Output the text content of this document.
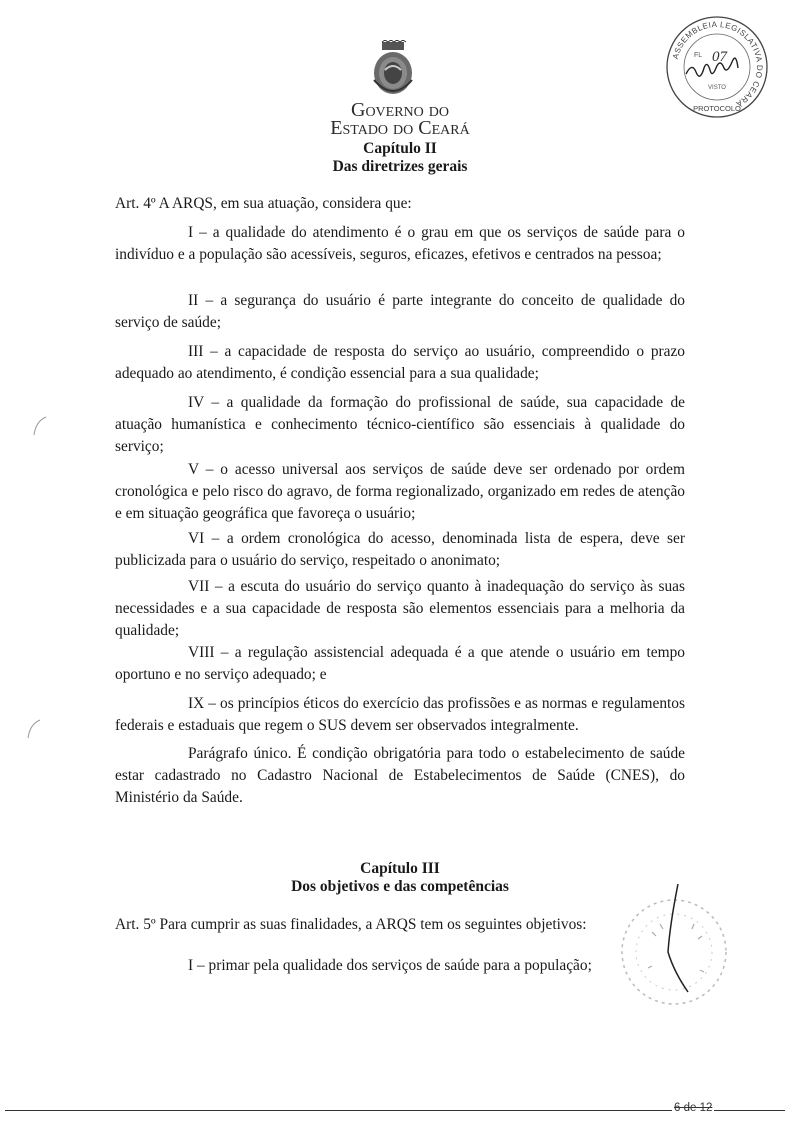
Governo do
Estado do Ceará
Capítulo II
Das diretrizes gerais
Art. 4º A ARQS, em sua atuação, considera que:
I – a qualidade do atendimento é o grau em que os serviços de saúde para o indivíduo e a população são acessíveis, seguros, eficazes, efetivos e centrados na pessoa;
II – a segurança do usuário é parte integrante do conceito de qualidade do serviço de saúde;
III – a capacidade de resposta do serviço ao usuário, compreendido o prazo adequado ao atendimento, é condição essencial para a sua qualidade;
IV – a qualidade da formação do profissional de saúde, sua capacidade de atuação humanística e conhecimento técnico-científico são essenciais à qualidade do serviço;
V – o acesso universal aos serviços de saúde deve ser ordenado por ordem cronológica e pelo risco do agravo, de forma regionalizado, organizado em redes de atenção e em situação geográfica que favoreça o usuário;
VI – a ordem cronológica do acesso, denominada lista de espera, deve ser publicizada para o usuário do serviço, respeitado o anonimato;
VII – a escuta do usuário do serviço quanto à inadequação do serviço às suas necessidades e a sua capacidade de resposta são elementos essenciais para a melhoria da qualidade;
VIII – a regulação assistencial adequada é a que atende o usuário em tempo oportuno e no serviço adequado; e
IX – os princípios éticos do exercício das profissões e as normas e regulamentos federais e estaduais que regem o SUS devem ser observados integralmente.
Parágrafo único. É condição obrigatória para todo o estabelecimento de saúde estar cadastrado no Cadastro Nacional de Estabelecimentos de Saúde (CNES), do Ministério da Saúde.
Capítulo III
Dos objetivos e das competências
Art. 5º Para cumprir as suas finalidades, a ARQS tem os seguintes objetivos:
I – primar pela qualidade dos serviços de saúde para a população;
ASSEMBLEIA LEGISLATIVA DO CEARÁ
PROTOCOLO
FL 07
VISTO
6 de 12
